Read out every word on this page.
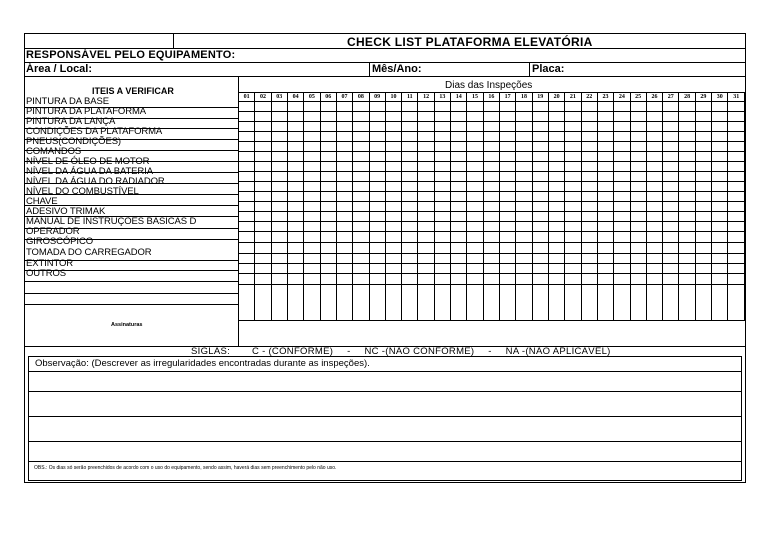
CHECK LIST PLATAFORMA ELEVATÓRIA
RESPONSÁVEL PELO EQUIPAMENTO:
Área / Local:	Mês/Ano:	Placa:
ITEIS A VERIFICAR	Dias das Inspeções
01	02	03	04	05	06	07	08	09	10	11	12	13	14	15	16	17	18	19	20	21	22	23	24	25	26	27	28	29	30	31

PINTURA DA BASE
PINTURA DA PLATAFORMA
PINTURA DA LANÇA
CONDIÇÕES DA PLATAFORMA
PNEUS(CONDIÇÕES)
COMANDOS
NÍVEL DE ÓLEO DE MOTOR
NÍVEL DA ÁGUA DA BATERIA
NÍVEL DA ÁGUA DO RADIADOR
NÍVEL DO COMBUSTÍVEL
CHAVE
ADESIVO TRIMAK
MANUAL DE INSTRUÇÕES BÁSICAS D
OPERADOR
GIROSCÓPICO
TOMADA DO CARREGADOR
EXTINTOR
OUTROS
Assinaturas
SIGLAS: C - (CONFORME) - NC -(NÃO CONFORME) - NA -(NÃO APLICÁVEL)
Observação: (Descrever as irregularidades encontradas durante as inspeções).
OBS.: Os dias só serão preenchidos de acordo com o uso do equipamento, sendo assim, haverá dias sem preenchimento pelo não uso.
